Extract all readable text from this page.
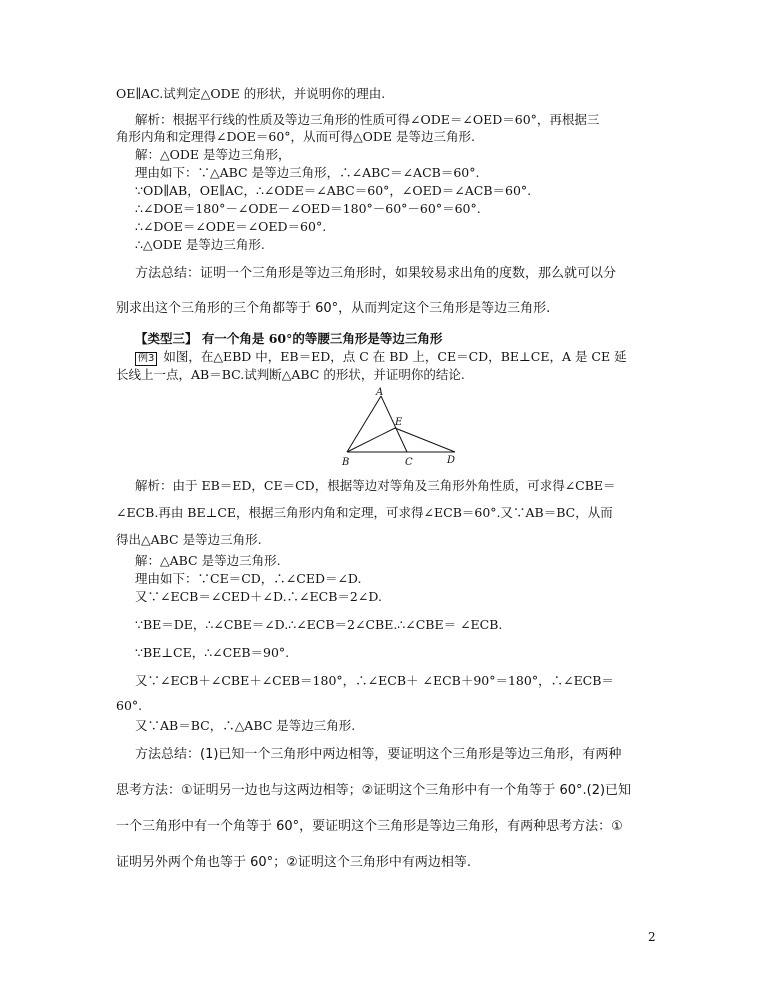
OE∥AC.试判定△ODE 的形状，并说明你的理由.
解析：根据平行线的性质及等边三角形的性质可得∠ODE＝∠OED＝60°，再根据三
角形内角和定理得∠DOE＝60°，从而可得△ODE 是等边三角形.
解：△ODE 是等边三角形，
理由如下：∵△ABC 是等边三角形，∴∠ABC＝∠ACB＝60°.
∵OD∥AB，OE∥AC，∴∠ODE＝∠ABC＝60°，∠OED＝∠ACB＝60°.
∴∠DOE＝180°－∠ODE－∠OED＝180°－60°－60°＝60°.
∴∠DOE＝∠ODE＝∠OED＝60°.
∴△ODE 是等边三角形.
方法总结：证明一个三角形是等边三角形时，如果较易求出角的度数，那么就可以分
别求出这个三角形的三个角都等于 60°，从而判定这个三角形是等边三角形.
【类型三】 有一个角是 60°的等腰三角形是等边三角形
例3 如图，在△EBD 中，EB＝ED，点 C 在 BD 上，CE＝CD，BE⊥CE，A 是 CE 延
长线上一点，AB＝BC.试判断△ABC 的形状，并证明你的结论.
A
E
B	C	D
解析：由于 EB＝ED，CE＝CD，根据等边对等角及三角形外角性质，可求得∠CBE＝
∠ECB.再由 BE⊥CE，根据三角形内角和定理，可求得∠ECB＝60°.又∵AB＝BC，从而
得出△ABC 是等边三角形.
解：△ABC 是等边三角形.
理由如下：∵CE＝CD，∴∠CED＝∠D.
又∵∠ECB＝∠CED＋∠D.∴∠ECB＝2∠D.
∵BE＝DE，∴∠CBE＝∠D.∴∠ECB＝2∠CBE.∴∠CBE＝ ∠ECB.
∵BE⊥CE，∴∠CEB＝90°.
又∵∠ECB＋∠CBE＋∠CEB＝180°，∴∠ECB＋ ∠ECB＋90°＝180°，∴∠ECB＝
60°.
又∵AB＝BC，∴△ABC 是等边三角形.
方法总结：(1)已知一个三角形中两边相等，要证明这个三角形是等边三角形，有两种
思考方法：①证明另一边也与这两边相等；②证明这个三角形中有一个角等于 60°.(2)已知
一个三角形中有一个角等于 60°，要证明这个三角形是等边三角形，有两种思考方法：①
证明另外两个角也等于 60°；②证明这个三角形中有两边相等.
2
